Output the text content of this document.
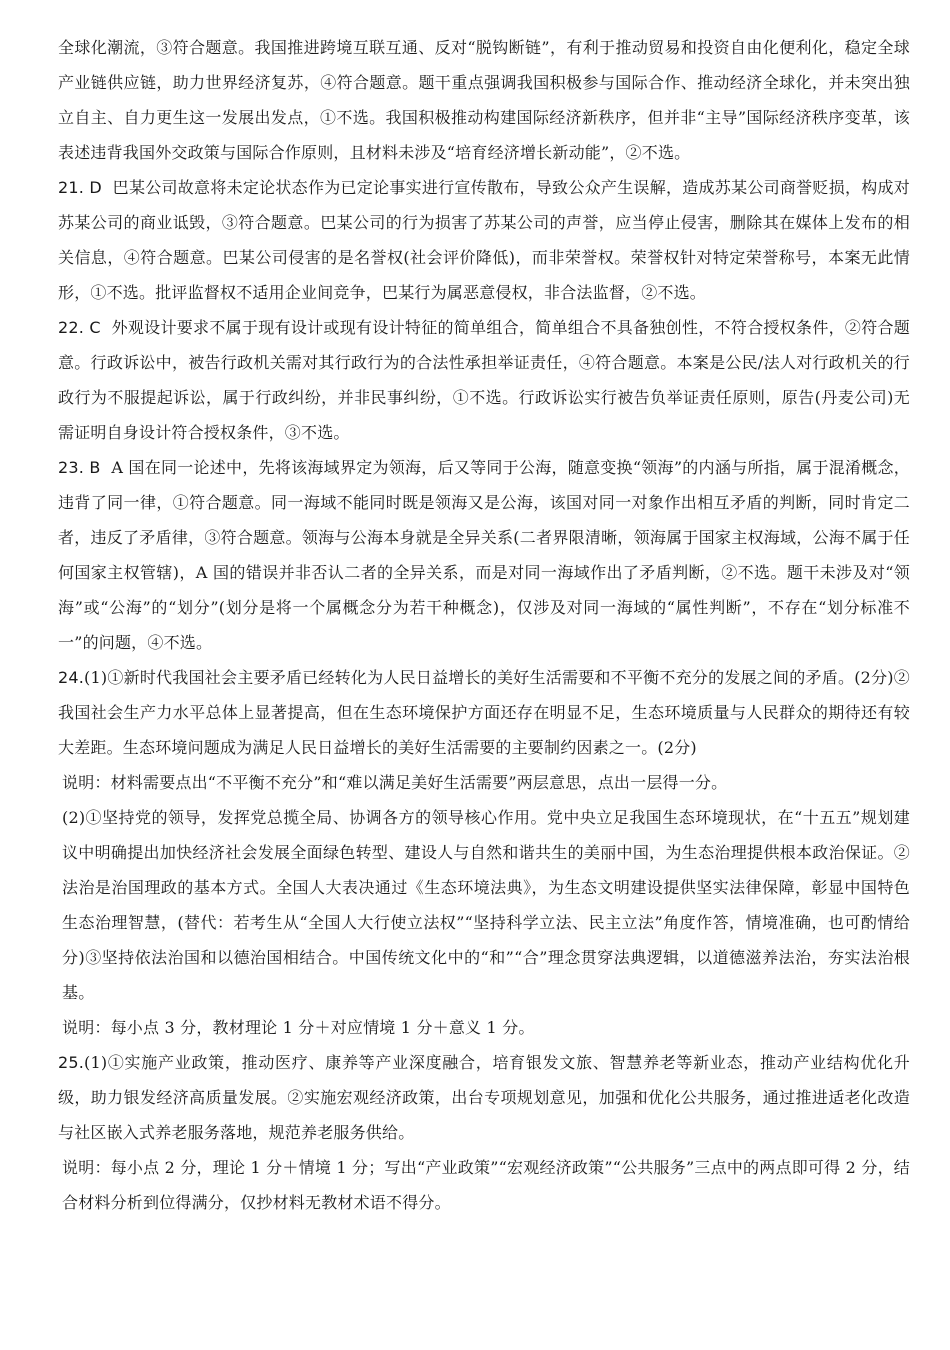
全球化潮流，③符合题意。我国推进跨境互联互通、反对“脱钩断链”，有利于推动贸易和投资自由化便利化，稳定全球产业链供应链，助力世界经济复苏，④符合题意。题干重点强调我国积极参与国际合作、推动经济全球化，并未突出独立自主、自力更生这一发展出发点，①不选。我国积极推动构建国际经济新秩序，但并非“主导”国际经济秩序变革，该表述违背我国外交政策与国际合作原则，且材料未涉及“培育经济增长新动能”，②不选。

21. D 巴某公司故意将未定论状态作为已定论事实进行宣传散布，导致公众产生误解，造成苏某公司商誉贬损，构成对苏某公司的商业诋毁，③符合题意。巴某公司的行为损害了苏某公司的声誉，应当停止侵害，删除其在媒体上发布的相关信息，④符合题意。巴某公司侵害的是名誉权(社会评价降低)，而非荣誉权。荣誉权针对特定荣誉称号，本案无此情形，①不选。批评监督权不适用企业间竞争，巴某行为属恶意侵权，非合法监督，②不选。

22. C 外观设计要求不属于现有设计或现有设计特征的简单组合，简单组合不具备独创性，不符合授权条件，②符合题意。行政诉讼中，被告行政机关需对其行政行为的合法性承担举证责任，④符合题意。本案是公民/法人对行政机关的行政行为不服提起诉讼，属于行政纠纷，并非民事纠纷，①不选。行政诉讼实行被告负举证责任原则，原告(丹麦公司)无需证明自身设计符合授权条件，③不选。

23. B A 国在同一论述中，先将该海域界定为领海，后又等同于公海，随意变换“领海”的内涵与所指，属于混淆概念，违背了同一律，①符合题意。同一海域不能同时既是领海又是公海，该国对同一对象作出相互矛盾的判断，同时肯定二者，违反了矛盾律，③符合题意。领海与公海本身就是全异关系(二者界限清晰，领海属于国家主权海域，公海不属于任何国家主权管辖)，A 国的错误并非否认二者的全异关系，而是对同一海域作出了矛盾判断，②不选。题干未涉及对“领海”或“公海”的“划分”(划分是将一个属概念分为若干种概念)，仅涉及对同一海域的“属性判断”，不存在“划分标准不一”的问题，④不选。

24.(1)①新时代我国社会主要矛盾已经转化为人民日益增长的美好生活需要和不平衡不充分的发展之间的矛盾。(2分)②我国社会生产力水平总体上显著提高，但在生态环境保护方面还存在明显不足，生态环境质量与人民群众的期待还有较大差距。生态环境问题成为满足人民日益增长的美好生活需要的主要制约因素之一。(2分)

说明：材料需要点出“不平衡不充分”和“难以满足美好生活需要”两层意思，点出一层得一分。

(2)①坚持党的领导，发挥党总揽全局、协调各方的领导核心作用。党中央立足我国生态环境现状，在“十五五”规划建议中明确提出加快经济社会发展全面绿色转型、建设人与自然和谐共生的美丽中国，为生态治理提供根本政治保证。②法治是治国理政的基本方式。全国人大表决通过《生态环境法典》，为生态文明建设提供坚实法律保障，彰显中国特色生态治理智慧，(替代：若考生从“全国人大行使立法权”“坚持科学立法、民主立法”角度作答，情境准确，也可酌情给分)③坚持依法治国和以德治国相结合。中国传统文化中的“和”“合”理念贯穿法典逻辑，以道德滋养法治，夯实法治根基。

说明：每小点 3 分，教材理论 1 分＋对应情境 1 分＋意义 1 分。

25.(1)①实施产业政策，推动医疗、康养等产业深度融合，培育银发文旅、智慧养老等新业态，推动产业结构优化升级，助力银发经济高质量发展。②实施宏观经济政策，出台专项规划意见，加强和优化公共服务，通过推进适老化改造与社区嵌入式养老服务落地，规范养老服务供给。

说明：每小点 2 分，理论 1 分＋情境 1 分；写出“产业政策”“宏观经济政策”“公共服务”三点中的两点即可得 2 分，结合材料分析到位得满分，仅抄材料无教材术语不得分。
